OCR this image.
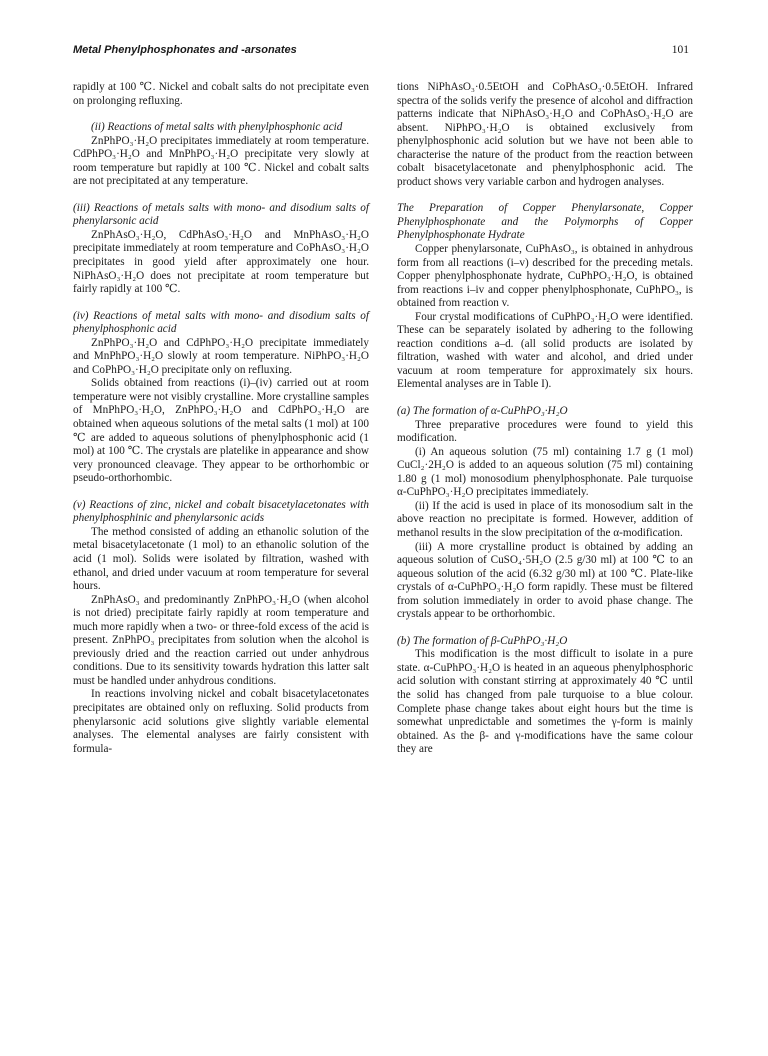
Metal Phenylphosphonates and -arsonates	101

rapidly at 100 ℃. Nickel and cobalt salts do not precipitate even on prolonging refluxing.

(ii) Reactions of metal salts with phenylphosphonic acid

ZnPhPO₃·H₂O precipitates immediately at room temperature. CdPhPO₃·H₂O and MnPhPO₃·H₂O precipitate very slowly at room temperature but rapidly at 100 ℃. Nickel and cobalt salts are not precipitated at any temperature.

(iii) Reactions of metals salts with mono- and disodium salts of phenylarsonic acid

ZnPhAsO₃·H₂O, CdPhAsO₃·H₂O and MnPhAsO₃·H₂O precipitate immediately at room temperature and CoPhAsO₃·H₂O precipitates in good yield after approximately one hour. NiPhAsO₃·H₂O does not precipitate at room temperature but fairly rapidly at 100 ℃.

(iv) Reactions of metal salts with mono- and disodium salts of phenylphosphonic acid

ZnPhPO₃·H₂O and CdPhPO₃·H₂O precipitate immediately and MnPhPO₃·H₂O slowly at room temperature. NiPhPO₃·H₂O and CoPhPO₃·H₂O precipitate only on refluxing.

Solids obtained from reactions (i)–(iv) carried out at room temperature were not visibly crystalline. More crystalline samples of MnPhPO₃·H₂O, ZnPhPO₃·H₂O and CdPhPO₃·H₂O are obtained when aqueous solutions of the metal salts (1 mol) at 100 ℃ are added to aqueous solutions of phenylphosphonic acid (1 mol) at 100 ℃. The crystals are platelike in appearance and show very pronounced cleavage. They appear to be orthorhombic or pseudo-orthorhombic.

(v) Reactions of zinc, nickel and cobalt bisacetylacetonates with phenylphosphinic and phenylarsonic acids

The method consisted of adding an ethanolic solution of the metal bisacetylacetonate (1 mol) to an ethanolic solution of the acid (1 mol). Solids were isolated by filtration, washed with ethanol, and dried under vacuum at room temperature for several hours.

ZnPhAsO₃ and predominantly ZnPhPO₃·H₂O (when alcohol is not dried) precipitate fairly rapidly at room temperature and much more rapidly when a two- or three-fold excess of the acid is present. ZnPhPO₃ precipitates from solution when the alcohol is previously dried and the reaction carried out under anhydrous conditions. Due to its sensitivity towards hydration this latter salt must be handled under anhydrous conditions.

In reactions involving nickel and cobalt bisacetylacetonates precipitates are obtained only on refluxing. Solid products from phenylarsonic acid solutions give slightly variable elemental analyses. The elemental analyses are fairly consistent with formula-

tions NiPhAsO₃·0.5EtOH and CoPhAsO₃·0.5EtOH. Infrared spectra of the solids verify the presence of alcohol and diffraction patterns indicate that NiPhAsO₃·H₂O and CoPhAsO₃·H₂O are absent. NiPhPO₃·H₂O is obtained exclusively from phenylphosphonic acid solution but we have not been able to characterise the nature of the product from the reaction between cobalt bisacetylacetonate and phenylphosphonic acid. The product shows very variable carbon and hydrogen analyses.

The Preparation of Copper Phenylarsonate, Copper Phenylphosphonate and the Polymorphs of Copper Phenylphosphonate Hydrate

Copper phenylarsonate, CuPhAsO₃, is obtained in anhydrous form from all reactions (i–v) described for the preceding metals. Copper phenylphosphonate hydrate, CuPhPO₃·H₂O, is obtained from reactions i–iv and copper phenylphosphonate, CuPhPO₃, is obtained from reaction v.

Four crystal modifications of CuPhPO₃·H₂O were identified. These can be separately isolated by adhering to the following reaction conditions a–d. (all solid products are isolated by filtration, washed with water and alcohol, and dried under vacuum at room temperature for approximately six hours. Elemental analyses are in Table I).

(a) The formation of α-CuPhPO₃·H₂O

Three preparative procedures were found to yield this modification.

(i) An aqueous solution (75 ml) containing 1.7 g (1 mol) CuCl₂·2H₂O is added to an aqueous solution (75 ml) containing 1.80 g (1 mol) monosodium phenylphosphonate. Pale turquoise α-CuPhPO₃·H₂O precipitates immediately.

(ii) If the acid is used in place of its monosodium salt in the above reaction no precipitate is formed. However, addition of methanol results in the slow precipitation of the α-modification.

(iii) A more crystalline product is obtained by adding an aqueous solution of CuSO₄·5H₂O (2.5 g/30 ml) at 100 ℃ to an aqueous solution of the acid (6.32 g/30 ml) at 100 ℃. Plate-like crystals of α-CuPhPO₃·H₂O form rapidly. These must be filtered from solution immediately in order to avoid phase change. The crystals appear to be orthorhombic.

(b) The formation of β-CuPhPO₃·H₂O

This modification is the most difficult to isolate in a pure state. α-CuPhPO₃·H₂O is heated in an aqueous phenylphosphoric acid solution with constant stirring at approximately 40 ℃ until the solid has changed from pale turquoise to a blue colour. Complete phase change takes about eight hours but the time is somewhat unpredictable and sometimes the γ-form is mainly obtained. As the β- and γ-modifications have the same colour they are
